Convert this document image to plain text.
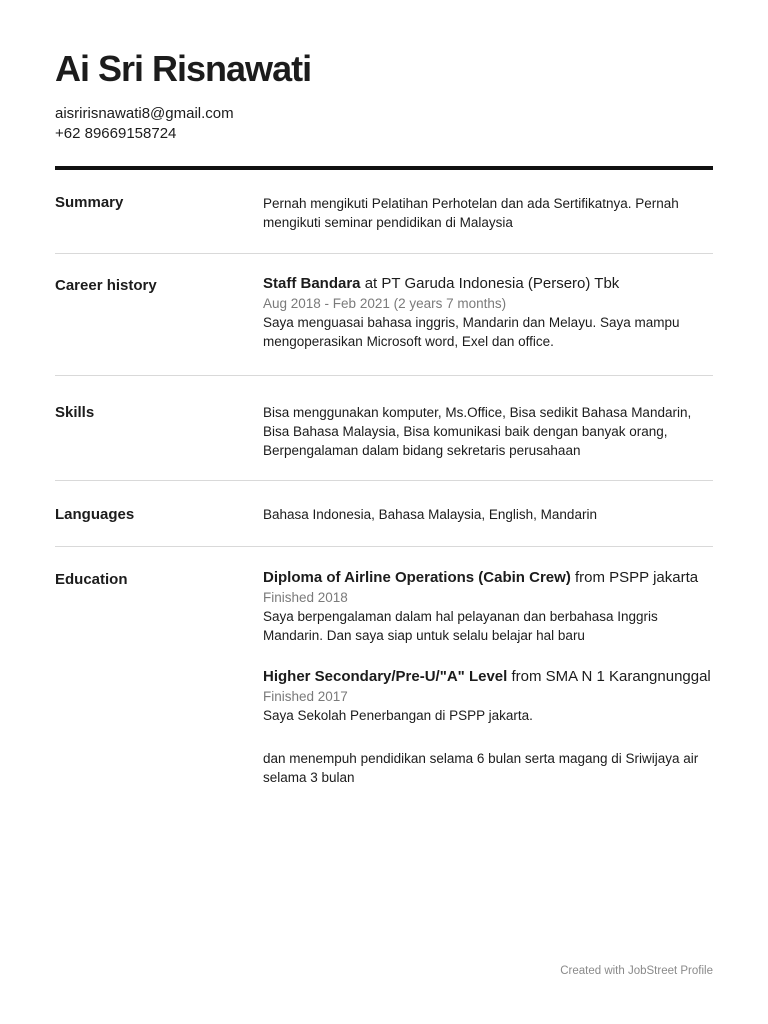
Ai Sri Risnawati
aisririsnawati8@gmail.com
+62 89669158724
Summary	Pernah mengikuti Pelatihan Perhotelan dan ada Sertifikatnya. Pernah mengikuti seminar pendidikan di Malaysia
Career history	Staff Bandara at PT Garuda Indonesia (Persero) Tbk
Aug 2018 - Feb 2021 (2 years 7 months)
Saya menguasai bahasa inggris, Mandarin dan Melayu. Saya mampu mengoperasikan Microsoft word, Exel dan office.
Skills	Bisa menggunakan komputer, Ms.Office, Bisa sedikit Bahasa Mandarin, Bisa Bahasa Malaysia, Bisa komunikasi baik dengan banyak orang, Berpengalaman dalam bidang sekretaris perusahaan
Languages	Bahasa Indonesia, Bahasa Malaysia, English, Mandarin
Education	Diploma of Airline Operations (Cabin Crew) from PSPP jakarta
Finished 2018
Saya berpengalaman dalam hal pelayanan dan berbahasa Inggris Mandarin. Dan saya siap untuk selalu belajar hal baru
Higher Secondary/Pre-U/"A" Level from SMA N 1 Karangnunggal
Finished 2017
Saya Sekolah Penerbangan di PSPP jakarta.
dan menempuh pendidikan selama 6 bulan serta magang di Sriwijaya air selama 3 bulan
Created with JobStreet Profile
